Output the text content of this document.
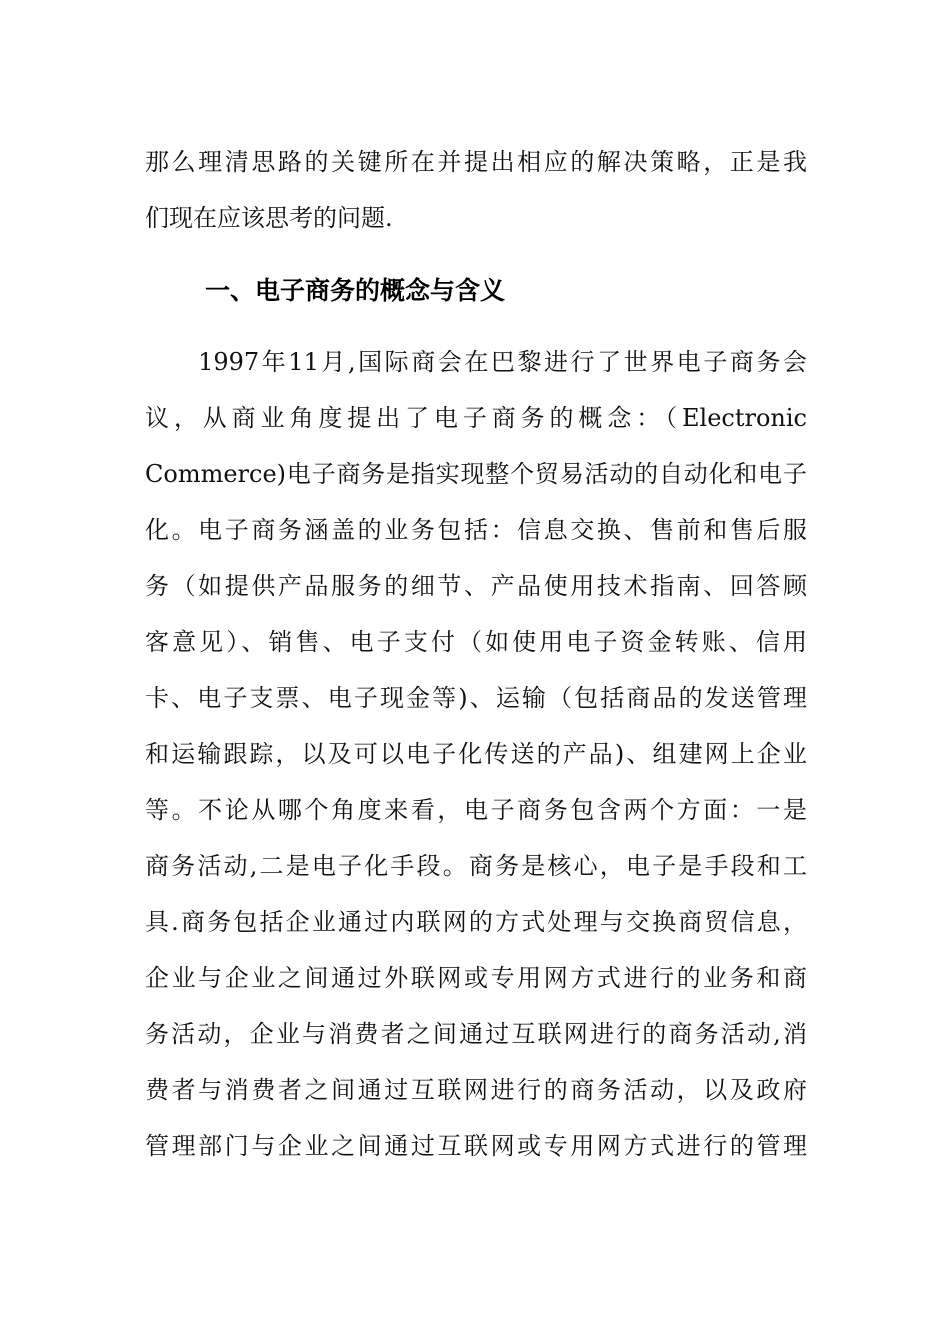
那么理清思路的关键所在并提出相应的解决策略，正是我
们现在应该思考的问题.
一、电子商务的概念与含义
　　1997年11月,国际商会在巴黎进行了世界电子商务会
议，从商业角度提出了电子商务的概念：（Electronic
Commerce)电子商务是指实现整个贸易活动的自动化和电子
化。电子商务涵盖的业务包括：信息交换、售前和售后服
务（如提供产品服务的细节、产品使用技术指南、回答顾
客意见）、销售、电子支付（如使用电子资金转账、信用
卡、电子支票、电子现金等)、运输（包括商品的发送管理
和运输跟踪，以及可以电子化传送的产品)、组建网上企业
等。不论从哪个角度来看，电子商务包含两个方面：一是
商务活动,二是电子化手段。商务是核心，电子是手段和工
具.商务包括企业通过内联网的方式处理与交换商贸信息，
企业与企业之间通过外联网或专用网方式进行的业务和商
务活动，企业与消费者之间通过互联网进行的商务活动,消
费者与消费者之间通过互联网进行的商务活动，以及政府
管理部门与企业之间通过互联网或专用网方式进行的管理
